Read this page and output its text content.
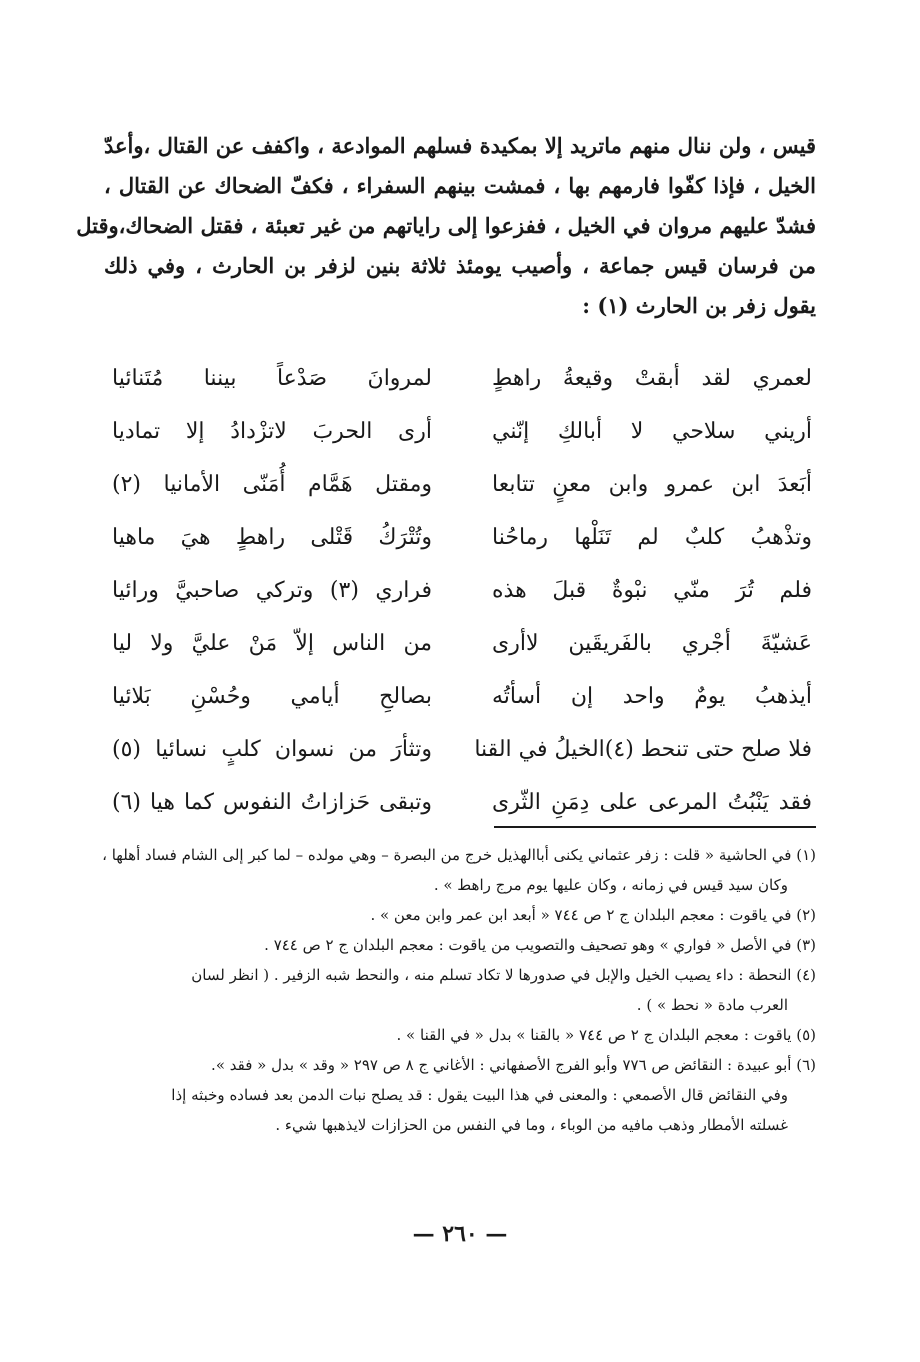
قيس ، ولن ننال منهم ماتريد إلا بمكيدة فسلهم الموادعة ، واكفف عن القتال ،وأعدّ
الخيل ، فإذا كفّوا فارمهم بها ، فمشت بينهم السفراء ، فكفّ الضحاك عن القتال ،
فشدّ عليهم مروان في الخيل ، ففزعوا إلى راياتهم من غير تعبئة ، فقتل الضحاك،وقتل
من فرسان قيس جماعة ، وأصيب يومئذ ثلاثة بنين لزفر بن الحارث ، وفي ذلك
يقول زفر بن الحارث (١) :
لعمري لقد أبقتْ وقيعةُ راهطٍ
لمروانَ صَدْعاً بيننا مُتَنائيا
أريني سلاحي لا أبالكِ إنّني
أرى الحربَ لاتزْدادُ إلا تماديا
أبَعدَ ابن عمرو وابن معنٍ تتابعا
ومقتل هَمَّام أُمَنّى الأمانيا (٢)
وتذْهبُ كلبٌ لم تَنَلْها رماحُنا
وتُتْرَكُ قَتْلى راهطٍ هيَ ماهيا
فلم تُرَ منّي نبْوةٌ قبلَ هذه
فراري (٣) وتركي صاحبيَّ ورائيا
عَشيّةَ أجْري بالفَريقَين لاأرى
من الناس إلاّ مَنْ عليَّ ولا ليا
أيذهبُ يومٌ واحد إن أسأتُه
بصالحِ أيامي وحُسْنِ بَلائيا
فلا صلح حتى تنحط (٤)الخيلُ في القنا
وتثأرَ من نسوان كلبٍ نسائيا (٥)
فقد يَنْبُتُ المرعى على دِمَنِ الثّرى
وتبقى حَزازاتُ النفوس كما هيا (٦)
(١) في الحاشية « قلت : زفر عثماني يكنى أباالهذيل خرج من البصرة – وهي مولده – لما كبر إلى الشام فساد أهلها ،
وكان سيد قيس في زمانه ، وكان عليها يوم مرج راهط » .
(٢) في ياقوت : معجم البلدان ج ٢ ص ٧٤٤ « أبعد ابن عمر وابن معن » .
(٣) في الأصل « فواري » وهو تصحيف والتصويب من ياقوت : معجم البلدان ج ٢ ص ٧٤٤ .
(٤) النحطة : داء يصيب الخيل والإبل في صدورها لا تكاد تسلم منه ، والنحط شبه الزفير . ( انظر لسان
العرب مادة « نحط » ) .
(٥) ياقوت : معجم البلدان ج ٢ ص ٧٤٤ « بالقنا » بدل « في القنا » .
(٦) أبو عبيدة : النقائض ص ٧٧٦ وأبو الفرج الأصفهاني : الأغاني ج ٨ ص ٢٩٧ « وقد » بدل « فقد ».
وفي النقائض قال الأصمعي : والمعنى في هذا البيت يقول : قد يصلح نبات الدمن بعد فساده وخبثه إذا
غسلته الأمطار وذهب مافيه من الوباء ، وما في النفس من الحزازات لايذهبها شيء .
— ٢٦٠ —
